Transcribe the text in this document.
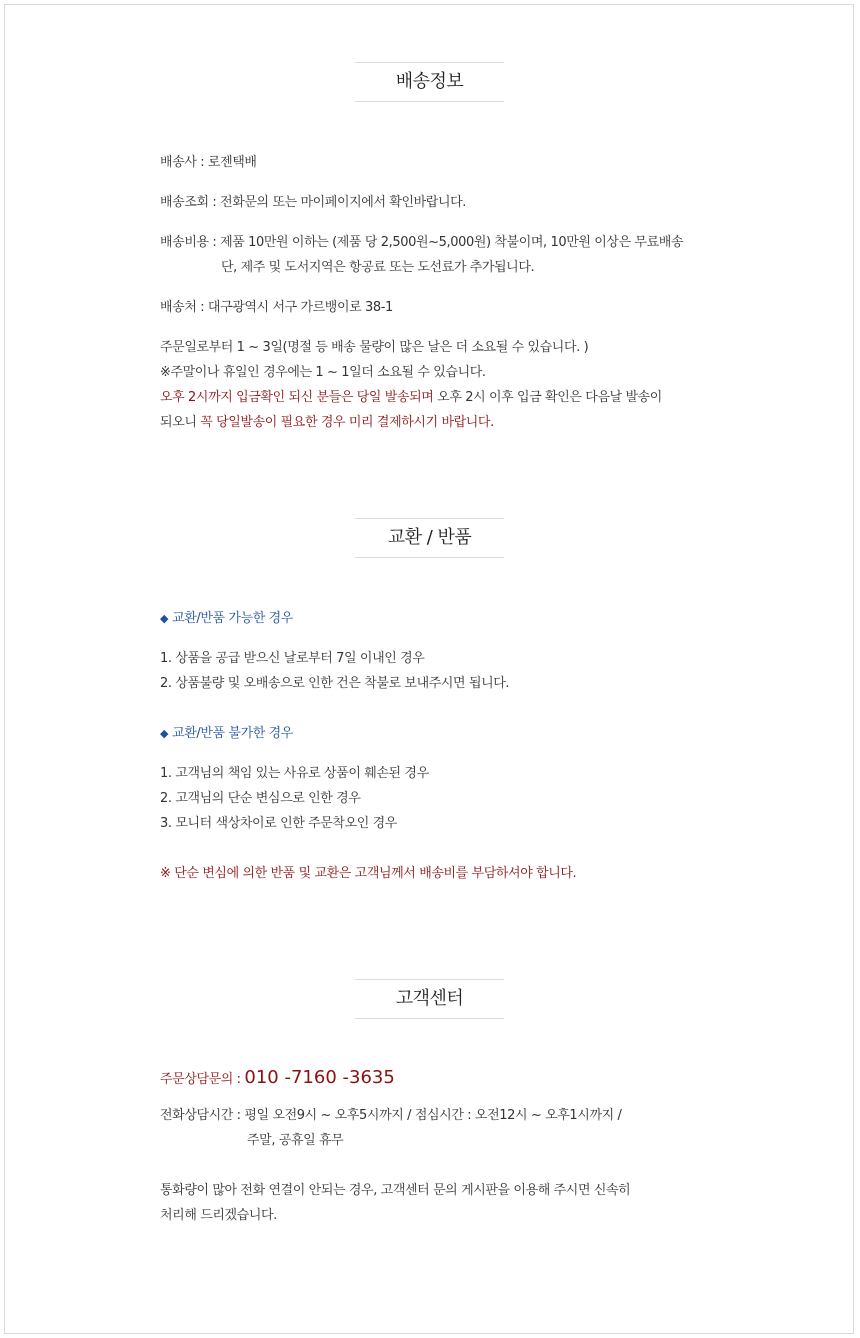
배송정보
배송사 : 로젠택배
배송조회 : 전화문의 또는 마이페이지에서 확인바랍니다.
배송비용 : 제품 10만원 이하는 (제품 당 2,500원~5,000원) 착불이며, 10만원 이상은 무료배송
단, 제주 및 도서지역은 항공료 또는 도선료가 추가됩니다.
배송처 : 대구광역시 서구 가르뱅이로 38-1
주문일로부터 1 ~ 3일(명절 등 배송 물량이 많은 날은 더 소요될 수 있습니다. )
※주말이나 휴일인 경우에는 1 ~ 1일더 소요될 수 있습니다.
오후 2시까지 입금확인 되신 분들은 당일 발송되며 오후 2시 이후 입금 확인은 다음날 발송이
되오니 꼭 당일발송이 필요한 경우 미리 결제하시기 바랍니다.
교환 / 반품
◆ 교환/반품 가능한 경우
1. 상품을 공급 받으신 날로부터 7일 이내인 경우
2. 상품불량 및 오배송으로 인한 건은 착불로 보내주시면 됩니다.
◆ 교환/반품 불가한 경우
1. 고객님의 책임 있는 사유로 상품이 훼손된 경우
2. 고객님의 단순 변심으로 인한 경우
3. 모니터 색상차이로 인한 주문착오인 경우
※ 단순 변심에 의한 반품 및 교환은 고객님께서 배송비를 부담하셔야 합니다.
고객센터
주문상담문의 : 010 -7160 -3635
전화상담시간 : 평일 오전9시 ~ 오후5시까지 / 점심시간 : 오전12시 ~ 오후1시까지 /
주말, 공휴일 휴무
통화량이 많아 전화 연결이 안되는 경우, 고객센터 문의 게시판을 이용해 주시면 신속히
처리해 드리겠습니다.
